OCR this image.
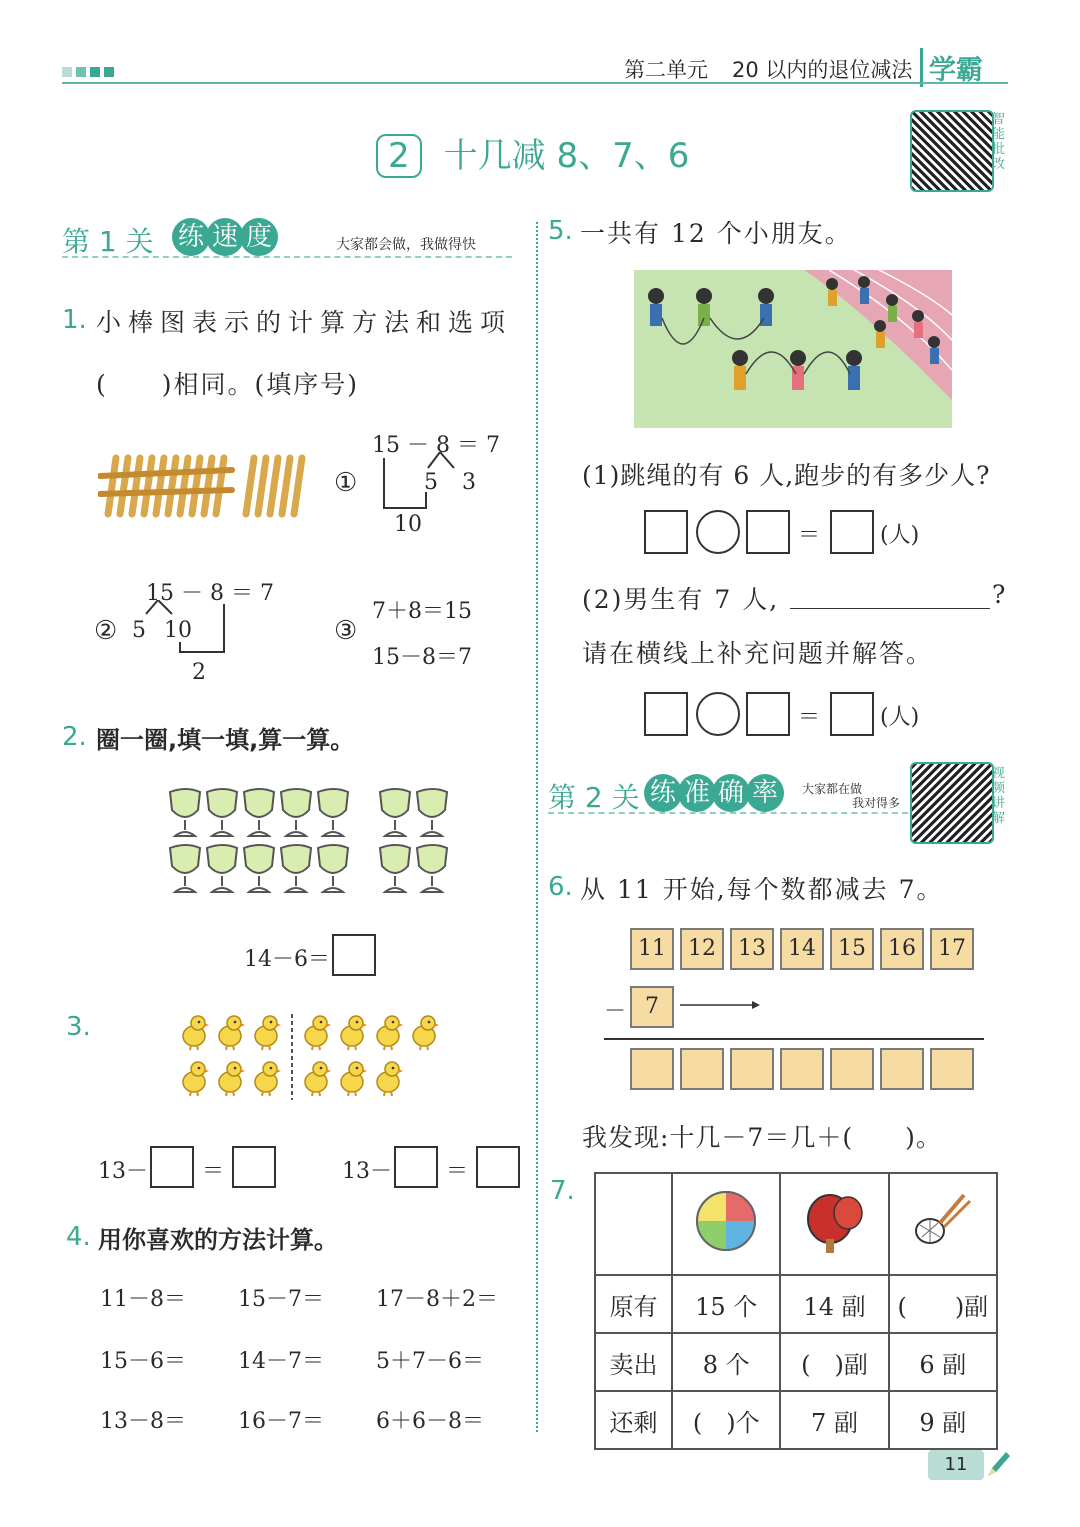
第二单元 20 以内的退位减法 学霸
2 十几减 8、7、6
智能批改
第 1 关 练 速 度	大家都会做，我做得快
1. 小棒图表示的计算方法和选项
(　　)相同。(填序号)
①
15 － 8 ＝ 7
5 3
10
15 － 8 ＝ 7
② 5 10
2
③
7＋8＝15
15－8＝7
2. 圈一圈,填一填,算一算。
14－6＝
3.
13－ ＝	13－ ＝
4. 用你喜欢的方法计算。
11－8＝ 15－7＝ 17－8＋2＝
15－6＝ 14－7＝ 5＋7－6＝
13－8＝ 16－7＝ 6＋6－8＝
5. 一共有 12 个小朋友。
(1)跳绳的有 6 人,跑步的有多少人?
＝	(人)
(2)男生有 7 人,	?
请在横线上补充问题并解答。
＝	(人)
第 2 关 练 准 确 率 大家都在做
我对得多
视频讲解
6. 从 11 开始,每个数都减去 7。
11	12	13	14	15	16	17
－ 7
我发现:十几－7＝几＋(　　)。
7.

原有	15 个	14 副	(　　)副
卖出	8 个	(　)副	6 副
还剩	(　)个	7 副	9 副
11
